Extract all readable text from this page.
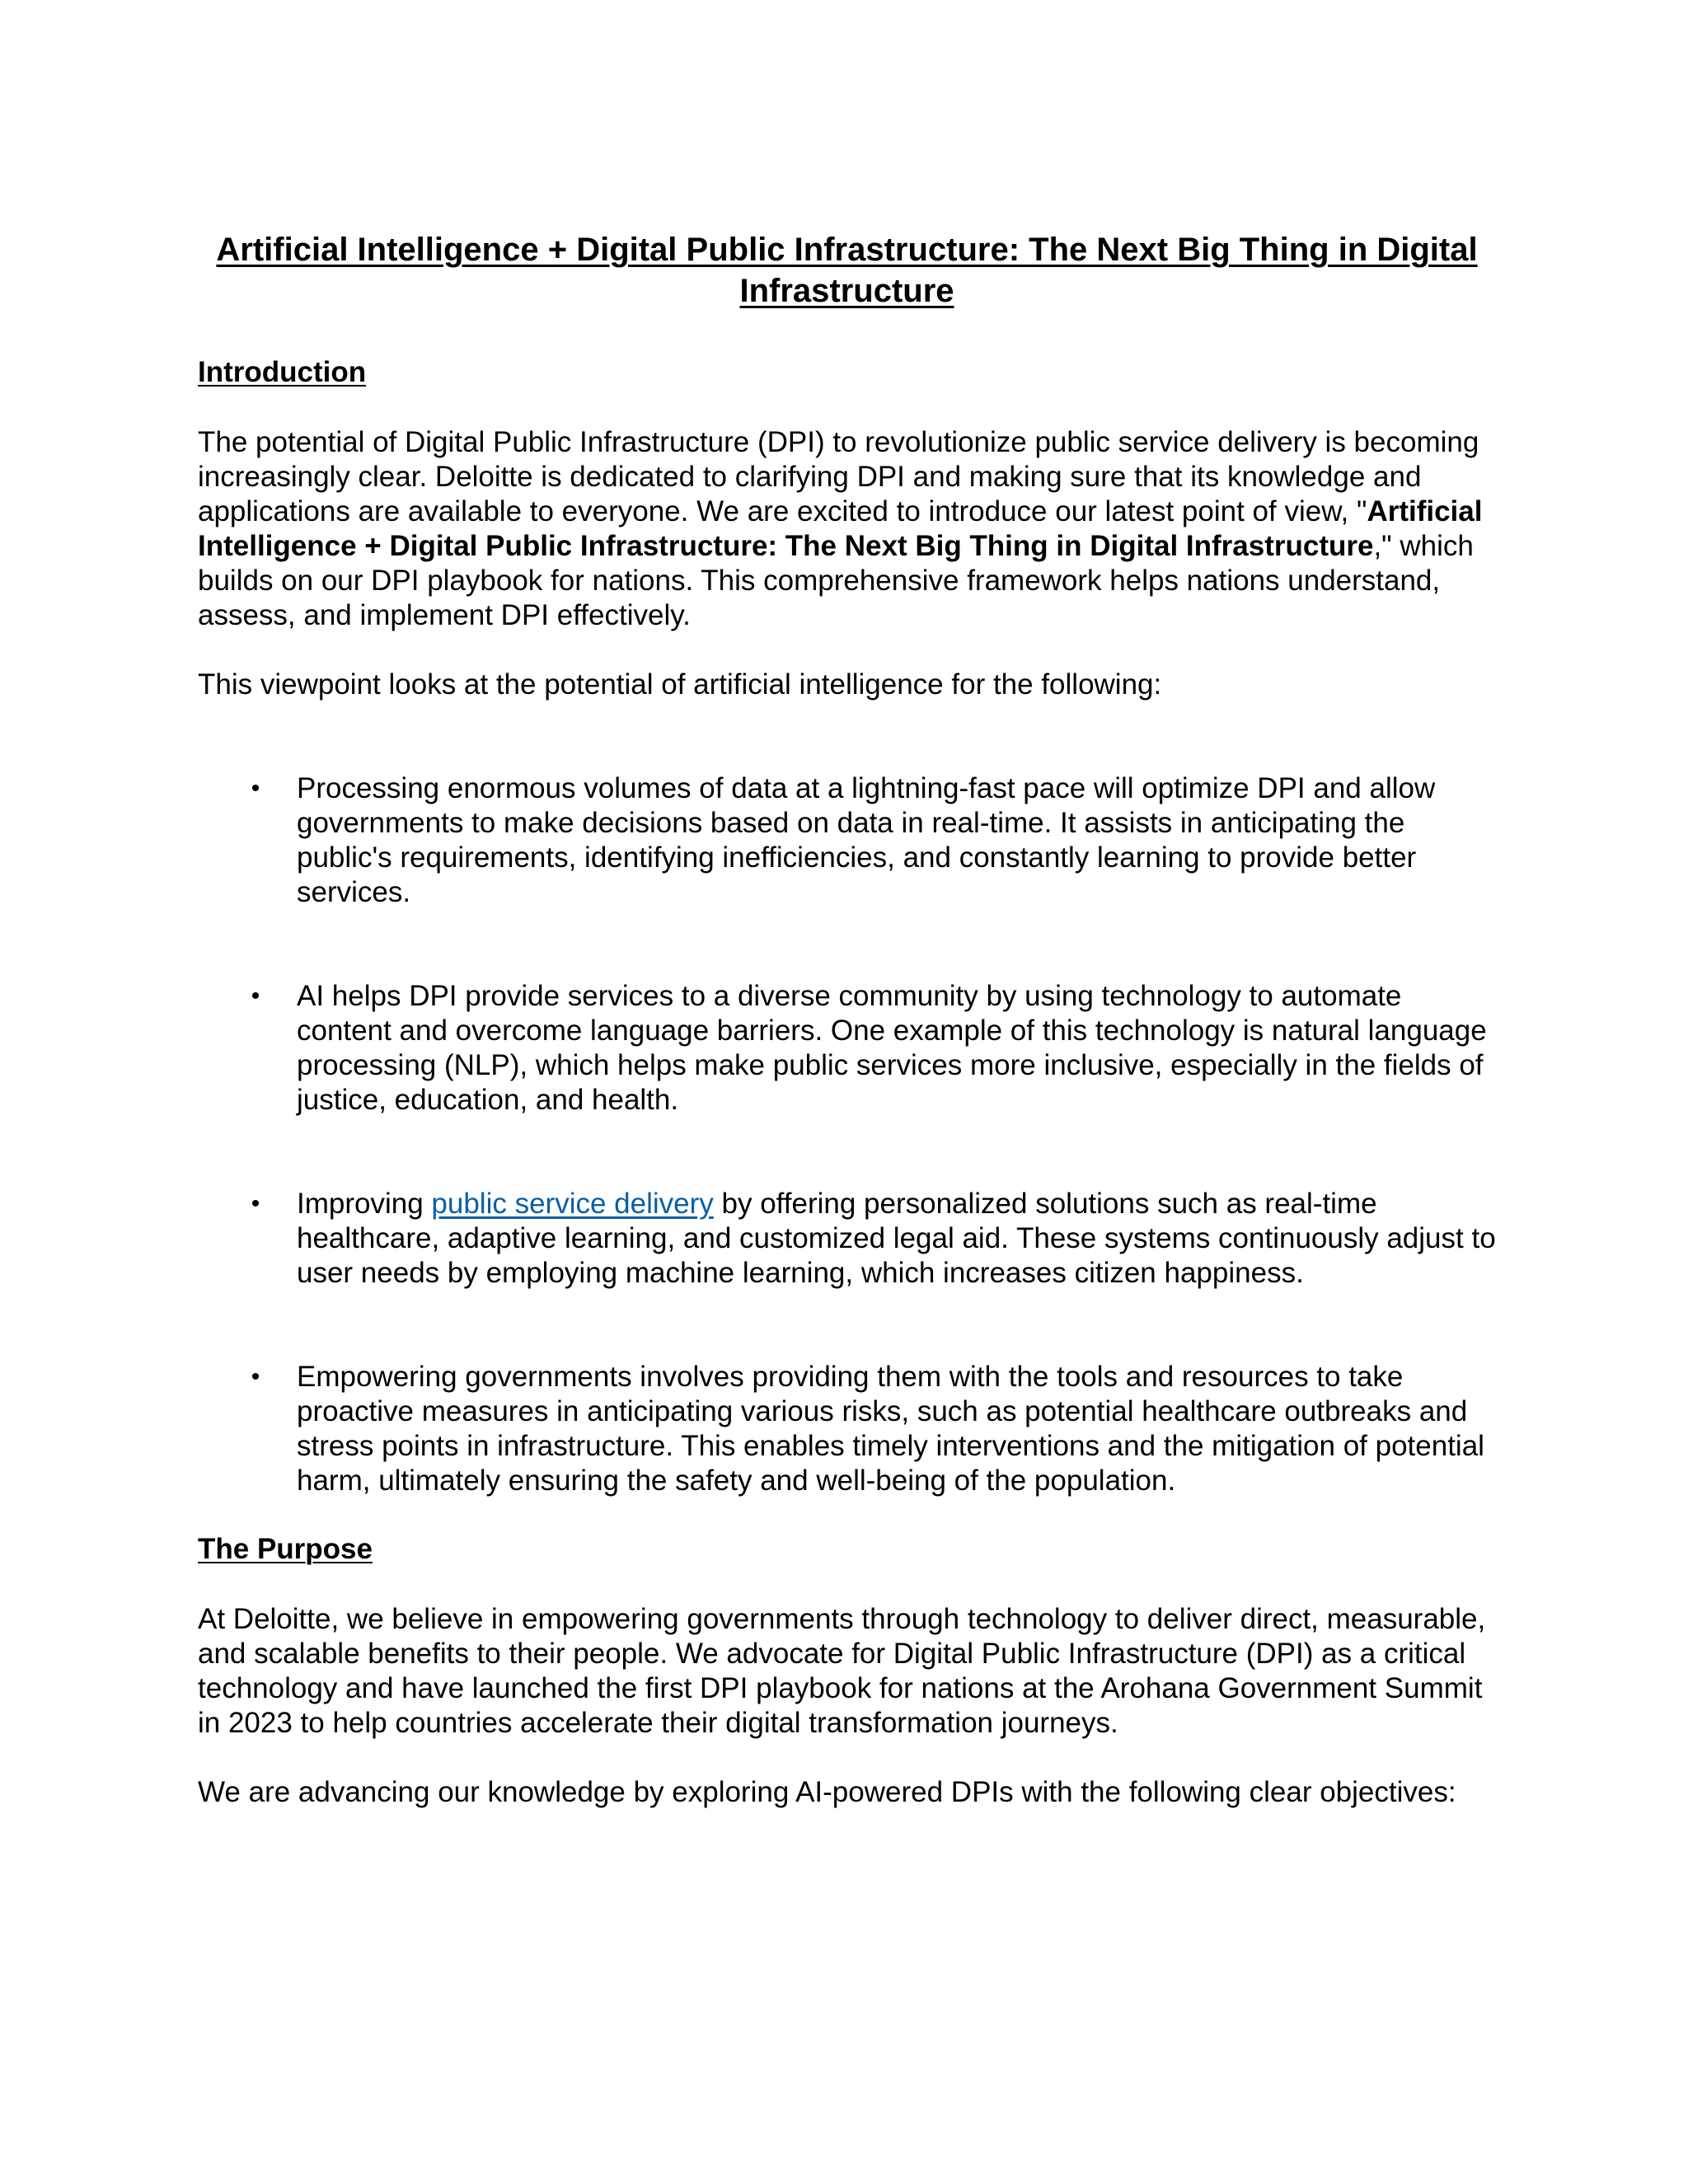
Artificial Intelligence + Digital Public Infrastructure: The Next Big Thing in Digital Infrastructure
Introduction

The potential of Digital Public Infrastructure (DPI) to revolutionize public service delivery is becoming increasingly clear. Deloitte is dedicated to clarifying DPI and making sure that its knowledge and applications are available to everyone. We are excited to introduce our latest point of view, "Artificial Intelligence + Digital Public Infrastructure: The Next Big Thing in Digital Infrastructure," which builds on our DPI playbook for nations. This comprehensive framework helps nations understand, assess, and implement DPI effectively.

This viewpoint looks at the potential of artificial intelligence for the following:

• Processing enormous volumes of data at a lightning-fast pace will optimize DPI and allow governments to make decisions based on data in real-time. It assists in anticipating the public's requirements, identifying inefficiencies, and constantly learning to provide better services.
• AI helps DPI provide services to a diverse community by using technology to automate content and overcome language barriers. One example of this technology is natural language processing (NLP), which helps make public services more inclusive, especially in the fields of justice, education, and health.
• Improving public service delivery by offering personalized solutions such as real-time healthcare, adaptive learning, and customized legal aid. These systems continuously adjust to user needs by employing machine learning, which increases citizen happiness.
• Empowering governments involves providing them with the tools and resources to take proactive measures in anticipating various risks, such as potential healthcare outbreaks and stress points in infrastructure. This enables timely interventions and the mitigation of potential harm, ultimately ensuring the safety and well-being of the population.
The Purpose

At Deloitte, we believe in empowering governments through technology to deliver direct, measurable, and scalable benefits to their people. We advocate for Digital Public Infrastructure (DPI) as a critical technology and have launched the first DPI playbook for nations at the Arohana Government Summit in 2023 to help countries accelerate their digital transformation journeys.

We are advancing our knowledge by exploring AI-powered DPIs with the following clear objectives:
